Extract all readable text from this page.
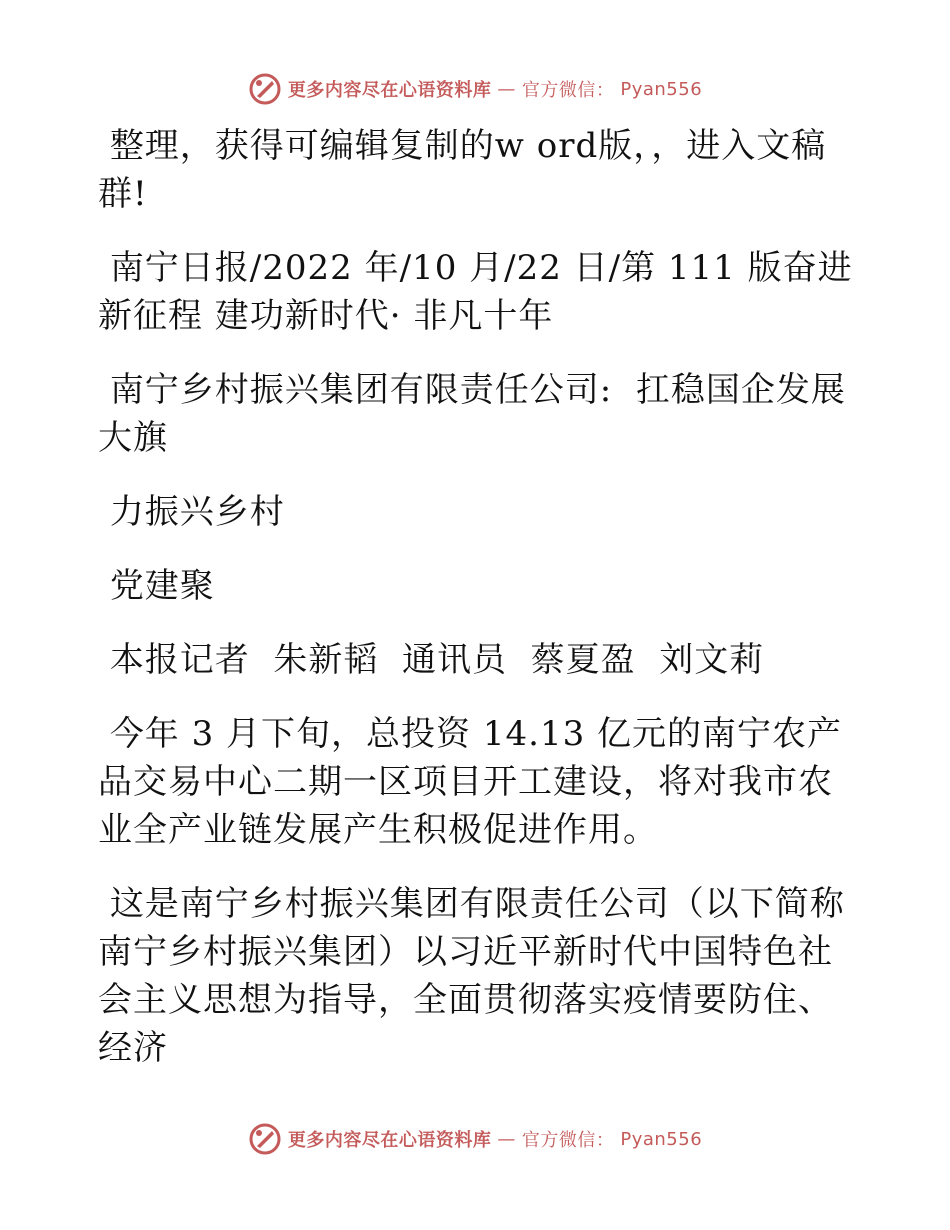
更多内容尽在心语资料库 — 官方微信： Pyan556

整理，获得可编辑复制的w ord版，，进入文稿群!

南宁日报/2022 年/10 月/22 日/第 111 版奋进新征程 建功新时代· 非凡十年

南宁乡村振兴集团有限责任公司:  扛稳国企发展大旗

力振兴乡村

党建聚

本报记者  朱新韬  通讯员  蔡夏盈  刘文莉

今年 3 月下旬，总投资 14.13 亿元的南宁农产品交易中心二期一区项目开工建设，将对我市农业全产业链发展产生积极促进作用。

这是南宁乡村振兴集团有限责任公司（以下简称南宁乡村振兴集团）以习近平新时代中国特色社会主义思想为指导，全面贯彻落实疫情要防住、经济

更多内容尽在心语资料库 — 官方微信： Pyan556
